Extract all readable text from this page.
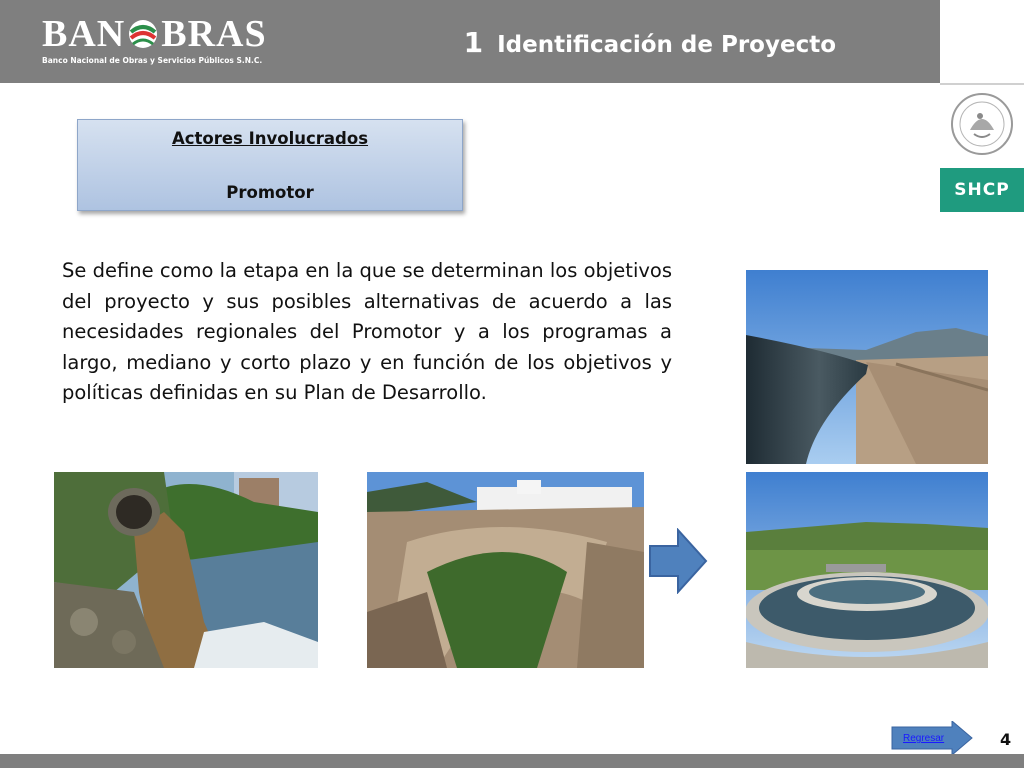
BAN BRAS
Banco Nacional de Obras y Servicios Públicos S.N.C.
1 Identificación de Proyecto
SHCP
Actores Involucrados
Promotor
Se define como la etapa en la que se determinan los objetivos del proyecto y sus posibles alternativas de acuerdo a las necesidades regionales del Promotor y a los programas a largo, mediano y corto plazo y en función de los objetivos y políticas definidas en su Plan de Desarrollo.
Regresar	4
